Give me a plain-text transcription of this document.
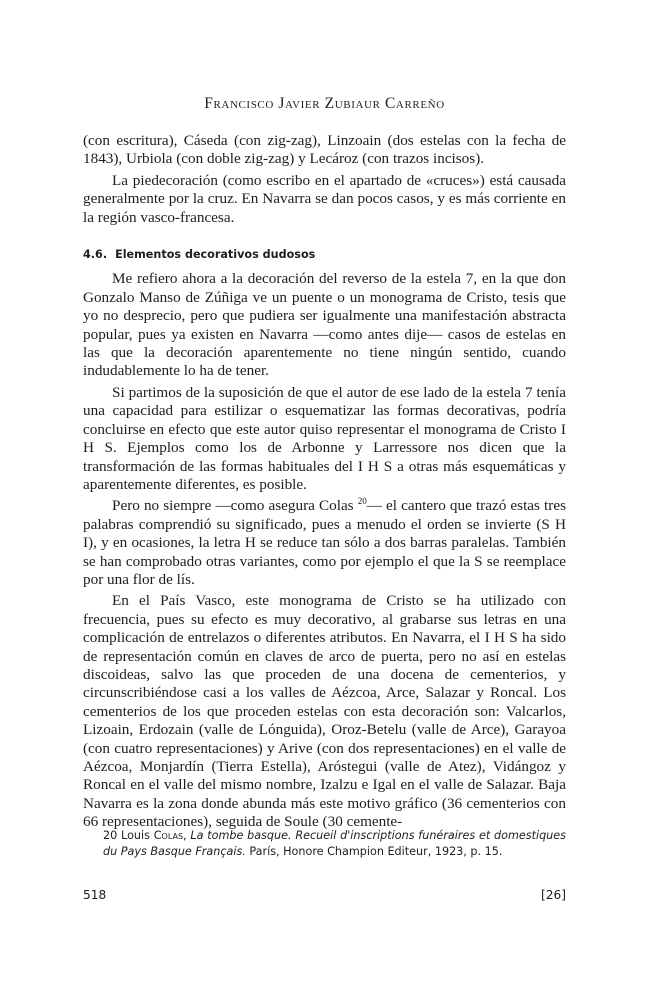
Francisco Javier Zubiaur Carreño

(con escritura), Cáseda (con zig-zag), Linzoain (dos estelas con la fecha de 1843), Urbiola (con doble zig-zag) y Lecároz (con trazos incisos).

La piedecoración (como escribo en el apartado de «cruces») está causada generalmente por la cruz. En Navarra se dan pocos casos, y es más corriente en la región vasco-francesa.

4.6. Elementos decorativos dudosos

Me refiero ahora a la decoración del reverso de la estela 7, en la que don Gonzalo Manso de Zúñiga ve un puente o un monograma de Cristo, tesis que yo no desprecio, pero que pudiera ser igualmente una manifestación abstracta popular, pues ya existen en Navarra —como antes dije— casos de estelas en las que la decoración aparentemente no tiene ningún sentido, cuando indudablemente lo ha de tener.

Si partimos de la suposición de que el autor de ese lado de la estela 7 tenía una capacidad para estilizar o esquematizar las formas decorativas, podría concluirse en efecto que este autor quiso representar el monograma de Cristo I H S. Ejemplos como los de Arbonne y Larressore nos dicen que la transformación de las formas habituales del I H S a otras más esquemáticas y aparentemente diferentes, es posible.

Pero no siempre —como asegura Colas $^{20}$— el cantero que trazó estas tres palabras comprendió su significado, pues a menudo el orden se invierte (S H I), y en ocasiones, la letra H se reduce tan sólo a dos barras paralelas. También se han comprobado otras variantes, como por ejemplo el que la S se reemplace por una flor de lís.

En el País Vasco, este monograma de Cristo se ha utilizado con frecuencia, pues su efecto es muy decorativo, al grabarse sus letras en una complicación de entrelazos o diferentes atributos. En Navarra, el I H S ha sido de representación común en claves de arco de puerta, pero no así en estelas discoideas, salvo las que proceden de una docena de cementerios, y circunscribiéndose casi a los valles de Aézcoa, Arce, Salazar y Roncal. Los cementerios de los que proceden estelas con esta decoración son: Valcarlos, Lizoain, Erdozain (valle de Lónguida), Oroz-Betelu (valle de Arce), Garayoa (con cuatro representaciones) y Arive (con dos representaciones) en el valle de Aézcoa, Monjardín (Tierra Estella), Aróstegui (valle de Atez), Vidángoz y Roncal en el valle del mismo nombre, Izalzu e Igal en el valle de Salazar. Baja Navarra es la zona donde abunda más este motivo gráfico (36 cementerios con 66 representaciones), seguida de Soule (30 cemente-

20 Louis Colas, La tombe basque. Recueil d'inscriptions funéraires et domestiques du Pays Basque Français. París, Honore Champion Editeur, 1923, p. 15.
518	[26]
